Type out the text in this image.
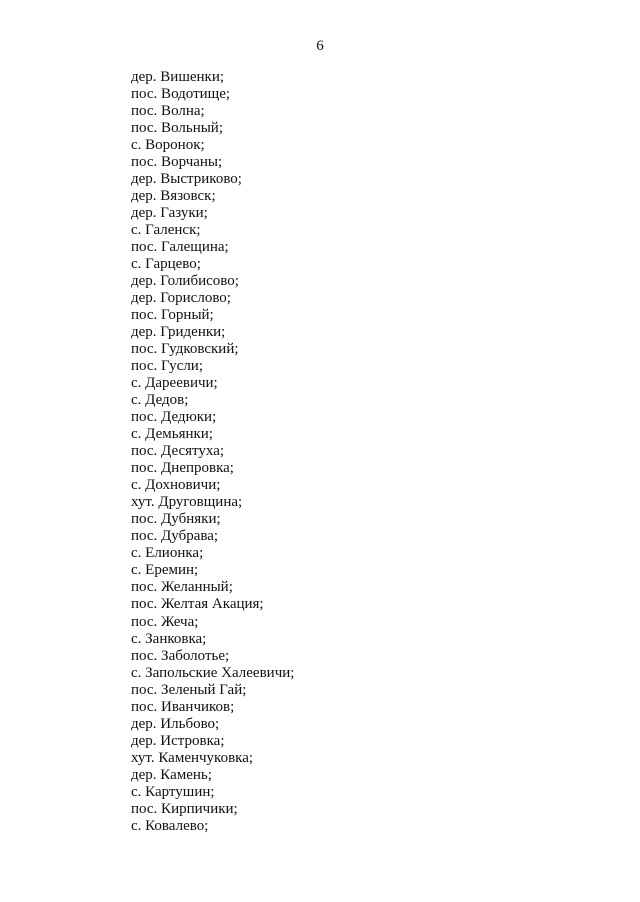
6
дер. Вишенки;
пос. Водотище;
пос. Волна;
пос. Вольный;
с. Воронок;
пос. Ворчаны;
дер. Выстриково;
дер. Вязовск;
дер. Газуки;
с. Галенск;
пос. Галещина;
с. Гарцево;
дер. Голибисово;
дер. Горислово;
пос. Горный;
дер. Гриденки;
пос. Гудковский;
пос. Гусли;
с. Дареевичи;
с. Дедов;
пос. Дедюки;
с. Демьянки;
пос. Десятуха;
пос. Днепровка;
с. Дохновичи;
хут. Друговщина;
пос. Дубняки;
пос. Дубрава;
с. Елионка;
с. Еремин;
пос. Желанный;
пос. Желтая Акация;
пос. Жеча;
с. Занковка;
пос. Заболотье;
с. Запольские Халеевичи;
пос. Зеленый Гай;
пос. Иванчиков;
дер. Ильбово;
дер. Истровка;
хут. Каменчуковка;
дер. Камень;
с. Картушин;
пос. Кирпичики;
с. Ковалево;
